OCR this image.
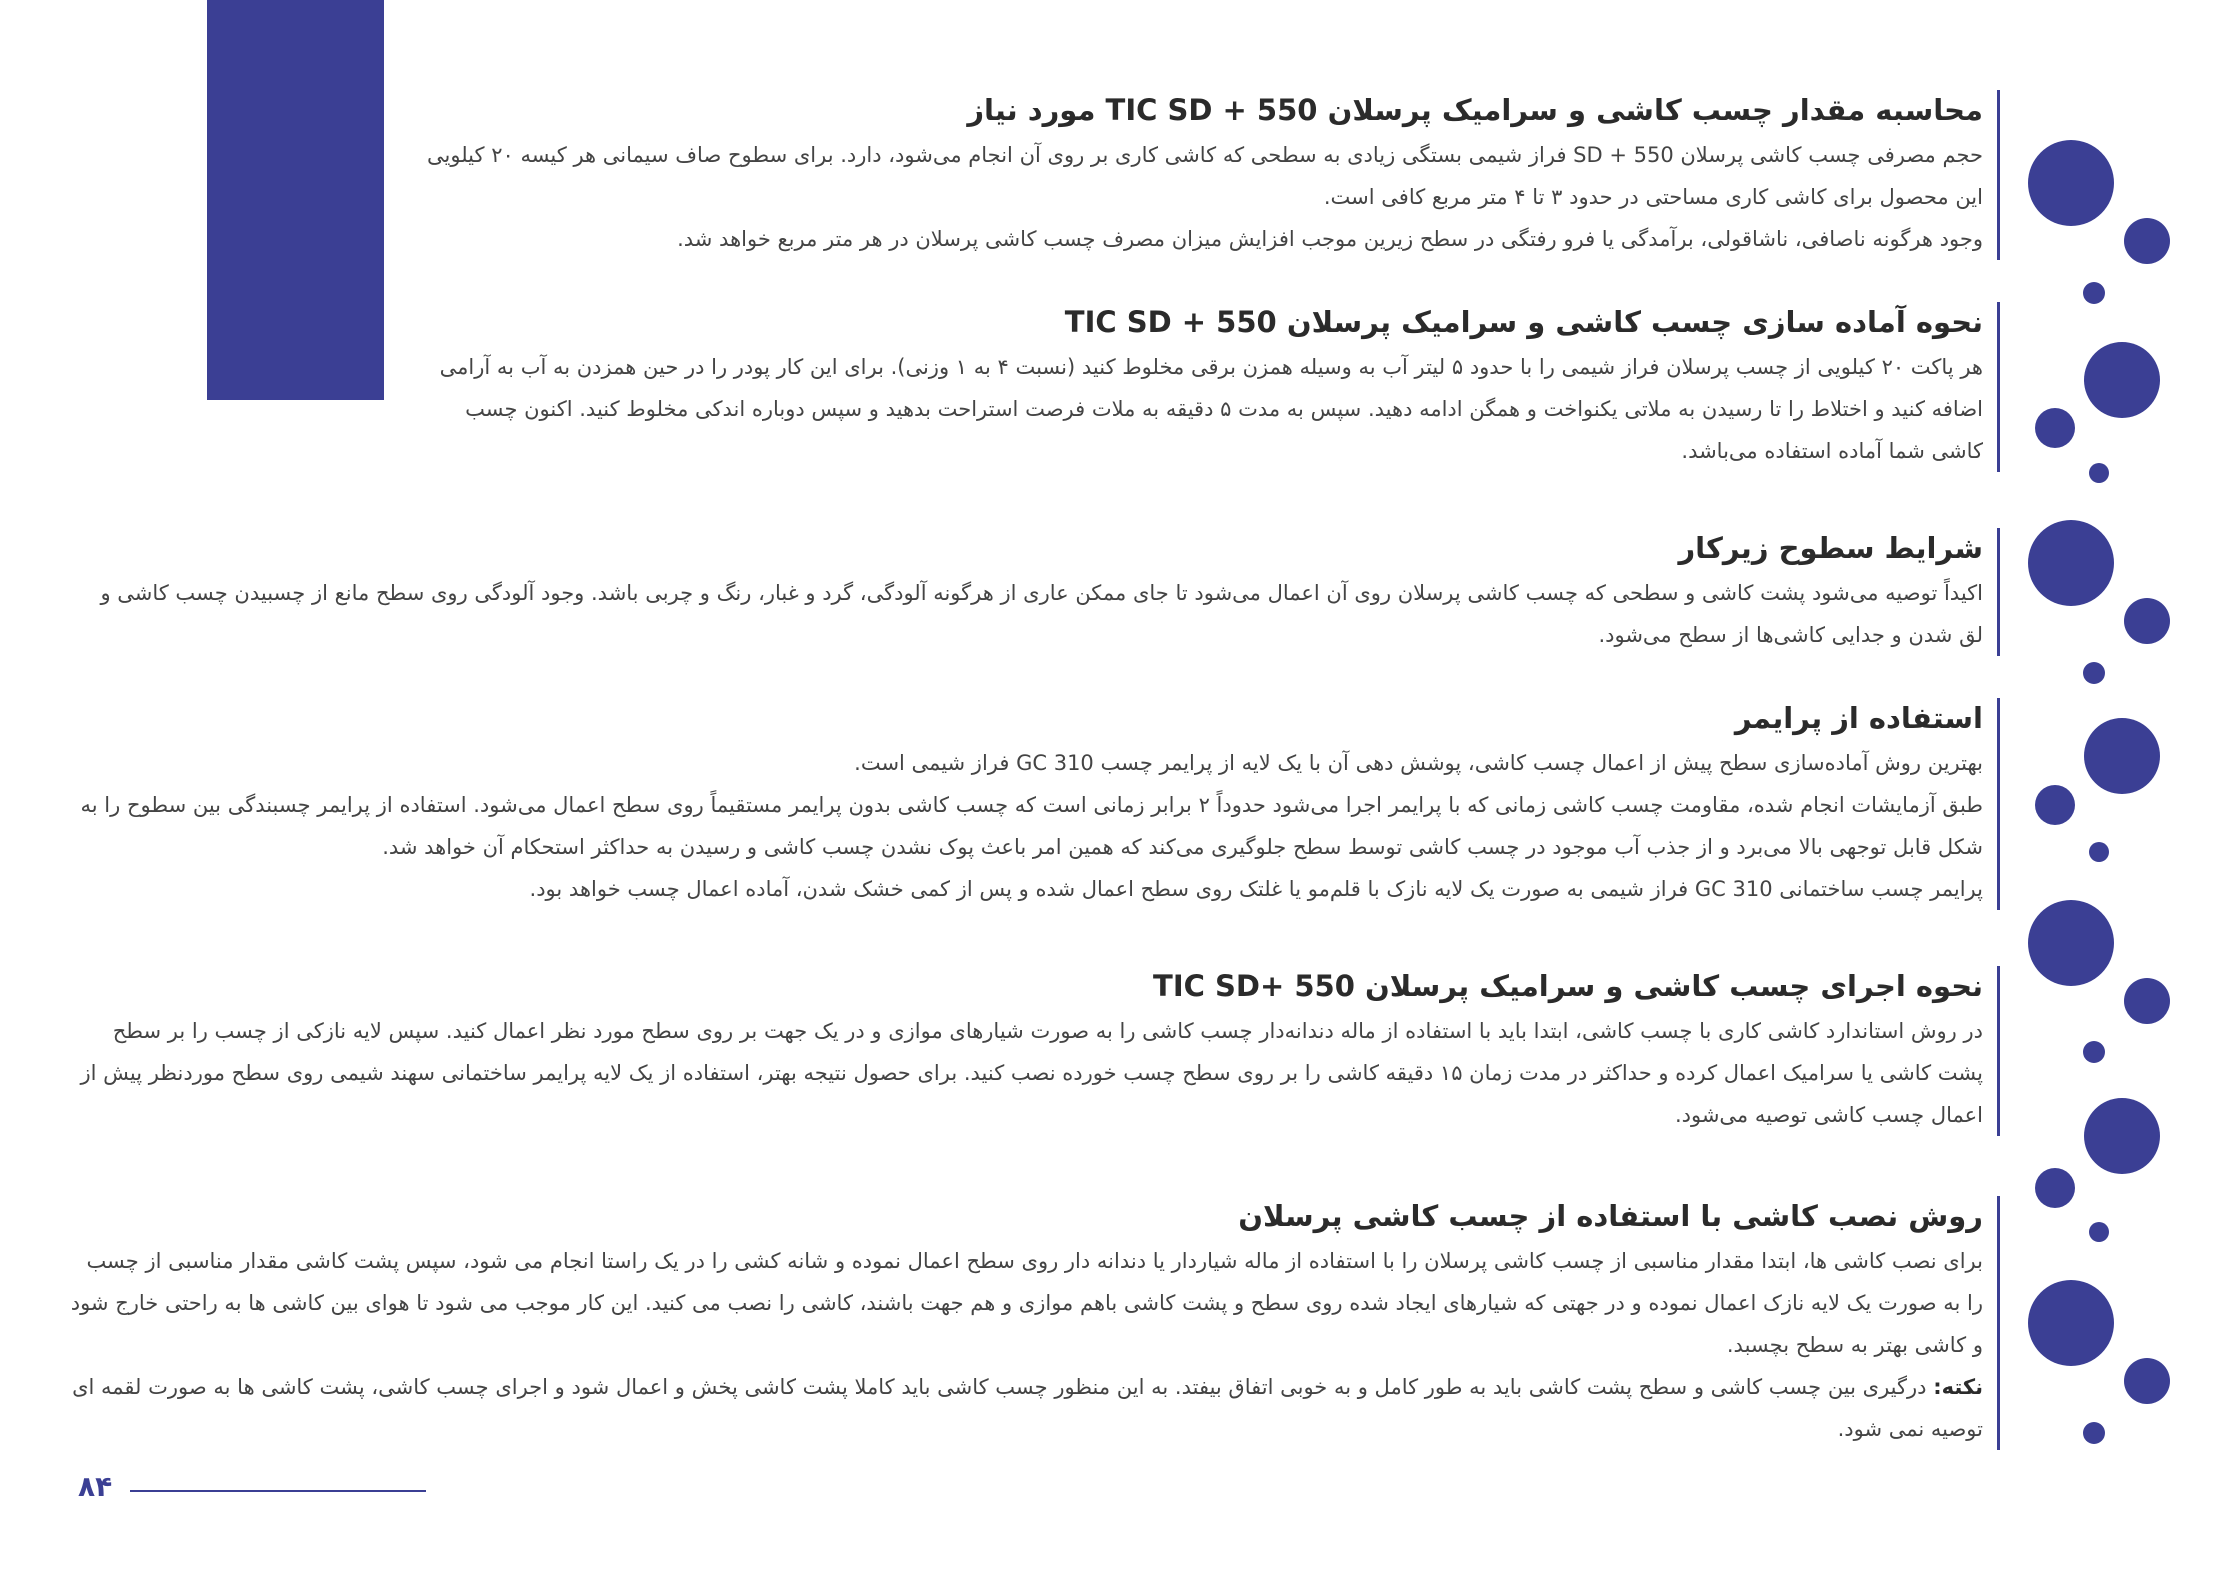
محاسبه مقدار چسب کاشی و سرامیک پرسلان TIC SD + 550 مورد نیاز

حجم مصرفی چسب کاشی پرسلان SD + 550 فراز شیمی بستگی زیادی به سطحی که کاشی کاری بر روی آن انجام می‌شود، دارد. برای سطوح صاف سیمانی هر کیسه ۲۰ کیلویی این محصول برای کاشی کاری مساحتی در حدود ۳ تا ۴ متر مربع کافی است.

وجود هرگونه ناصافی، ناشاقولی، برآمدگی یا فرو رفتگی در سطح زیرین موجب افزایش میزان مصرف چسب کاشی پرسلان در هر متر مربع خواهد شد.

نحوه آماده سازی چسب کاشی و سرامیک پرسلان TIC SD + 550

هر پاکت ۲۰ کیلویی از چسب پرسلان فراز شیمی را با حدود ۵ لیتر آب به وسیله همزن برقی مخلوط کنید (نسبت ۴ به ۱ وزنی). برای این کار پودر را در حین همزدن به آب به آرامی اضافه کنید و اختلاط را تا رسیدن به ملاتی یکنواخت و همگن ادامه دهید. سپس به مدت ۵ دقیقه به ملات فرصت استراحت بدهید و سپس دوباره اندکی مخلوط کنید. اکنون چسب کاشی شما آماده استفاده می‌باشد.

شرایط سطوح زیرکار

اکیداً توصیه می‌شود پشت کاشی و سطحی که چسب کاشی پرسلان روی آن اعمال می‌شود تا جای ممکن عاری از هرگونه آلودگی، گرد و غبار، رنگ و چربی باشد. وجود آلودگی روی سطح مانع از چسبیدن چسب کاشی و لق شدن و جدایی کاشی‌ها از سطح می‌شود.

استفاده از پرایمر

بهترین روش آماده‌سازی سطح پیش از اعمال چسب کاشی، پوشش دهی آن با یک لایه از پرایمر چسب GC 310 فراز شیمی است.

طبق آزمایشات انجام شده، مقاومت چسب کاشی زمانی که با پرایمر اجرا می‌شود حدوداً ۲ برابر زمانی است که چسب کاشی بدون پرایمر مستقیماً روی سطح اعمال می‌شود. استفاده از پرایمر چسبندگی بین سطوح را به شکل قابل توجهی بالا می‌برد و از جذب آب موجود در چسب کاشی توسط سطح جلوگیری می‌کند که همین امر باعث پوک نشدن چسب کاشی و رسیدن به حداکثر استحکام آن خواهد شد.

پرایمر چسب ساختمانی GC 310 فراز شیمی به صورت یک لایه نازک با قلم‌مو یا غلتک روی سطح اعمال شده و پس از کمی خشک شدن، آماده اعمال چسب خواهد بود.

نحوه اجرای چسب کاشی و سرامیک پرسلان TIC SD+ 550

در روش استاندارد کاشی کاری با چسب کاشی، ابتدا باید با استفاده از ماله دندانه‌دار چسب کاشی را به صورت شیارهای موازی و در یک جهت بر روی سطح مورد نظر اعمال کنید. سپس لایه نازکی از چسب را بر سطح پشت کاشی یا سرامیک اعمال کرده و حداکثر در مدت زمان ۱۵ دقیقه کاشی را بر روی سطح چسب خورده نصب کنید. برای حصول نتیجه بهتر، استفاده از یک لایه پرایمر ساختمانی سهند شیمی روی سطح موردنظر پیش از اعمال چسب کاشی توصیه می‌شود.

روش نصب کاشی با استفاده از چسب کاشی پرسلان

برای نصب کاشی ها، ابتدا مقدار مناسبی از چسب کاشی پرسلان را با استفاده از ماله شیاردار یا دندانه دار روی سطح اعمال نموده و شانه کشی را در یک راستا انجام می شود، سپس پشت کاشی مقدار مناسبی از چسب را به صورت یک لایه نازک اعمال نموده و در جهتی که شیارهای ایجاد شده روی سطح و پشت کاشی باهم موازی و هم جهت باشند، کاشی را نصب می کنید. این کار موجب می شود تا هوای بین کاشی ها به راحتی خارج شود و کاشی بهتر به سطح بچسبد.

نکته: درگیری بین چسب کاشی و سطح پشت کاشی باید به طور کامل و به خوبی اتفاق بیفتد. به این منظور چسب کاشی باید کاملا پشت کاشی پخش و اعمال شود و اجرای چسب کاشی، پشت کاشی ها به صورت لقمه ای توصیه نمی شود.

۸۴
